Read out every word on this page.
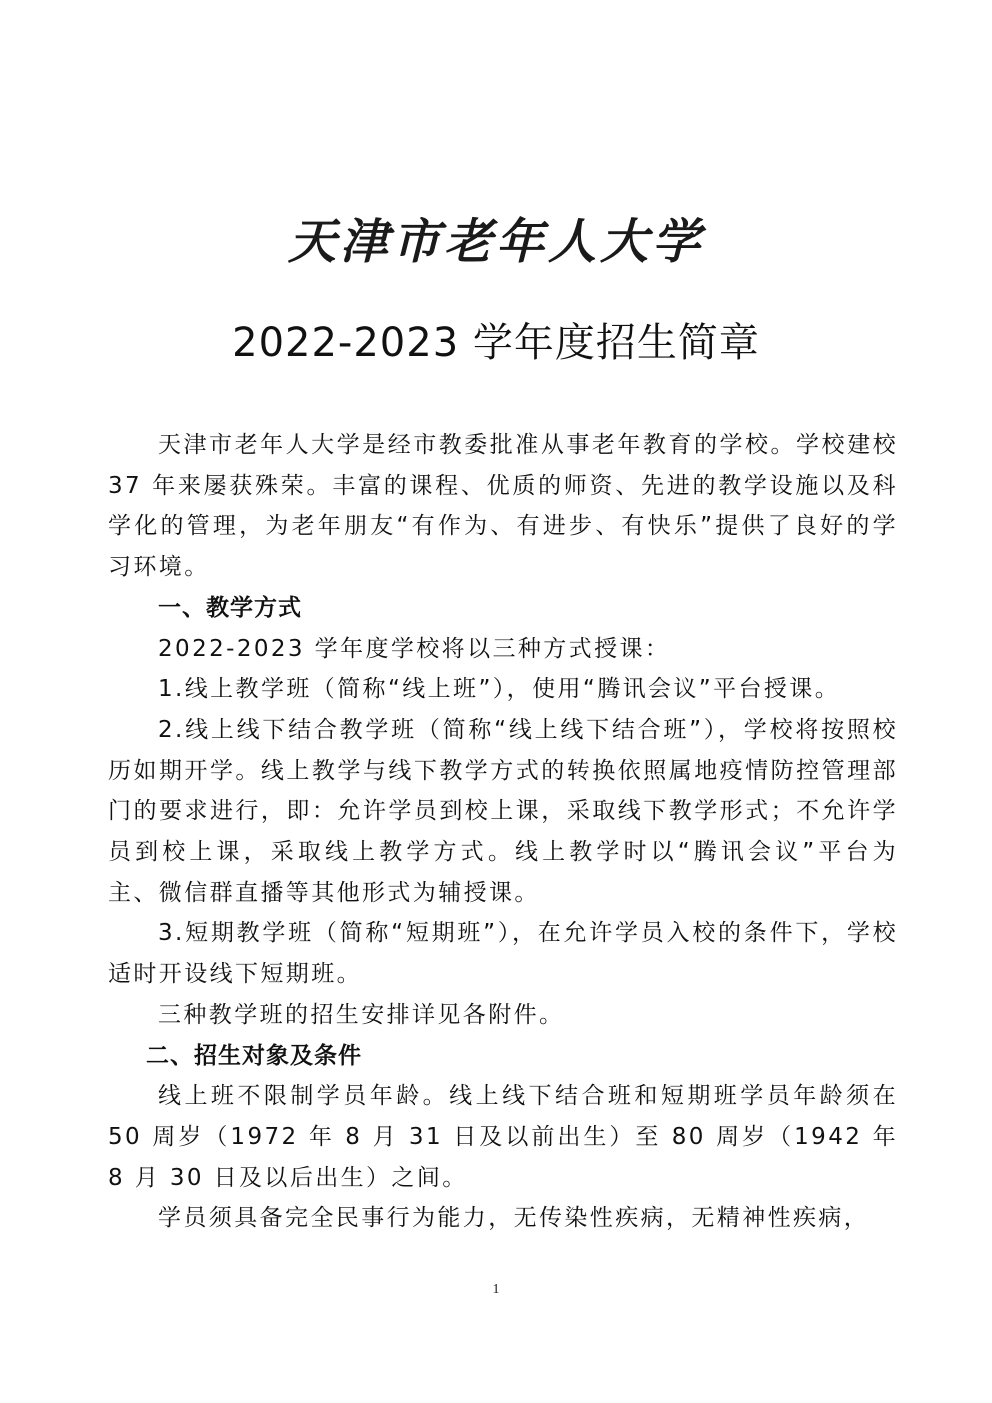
天津市老年人大学
2022-2023 学年度招生简章

天津市老年人大学是经市教委批准从事老年教育的学校。学校建校 37 年来屡获殊荣。丰富的课程、优质的师资、先进的教学设施以及科学化的管理，为老年朋友“有作为、有进步、有快乐”提供了良好的学习环境。

一、教学方式

2022-2023 学年度学校将以三种方式授课：

1.线上教学班（简称“线上班”），使用“腾讯会议”平台授课。

2.线上线下结合教学班（简称“线上线下结合班”），学校将按照校历如期开学。线上教学与线下教学方式的转换依照属地疫情防控管理部门的要求进行，即：允许学员到校上课，采取线下教学形式；不允许学员到校上课，采取线上教学方式。线上教学时以“腾讯会议”平台为主、微信群直播等其他形式为辅授课。

3.短期教学班（简称“短期班”），在允许学员入校的条件下，学校适时开设线下短期班。

三种教学班的招生安排详见各附件。

二、招生对象及条件

线上班不限制学员年龄。线上线下结合班和短期班学员年龄须在 50 周岁（1972 年 8 月 31 日及以前出生）至 80 周岁（1942 年 8 月 30 日及以后出生）之间。

学员须具备完全民事行为能力，无传染性疾病，无精神性疾病，

1
